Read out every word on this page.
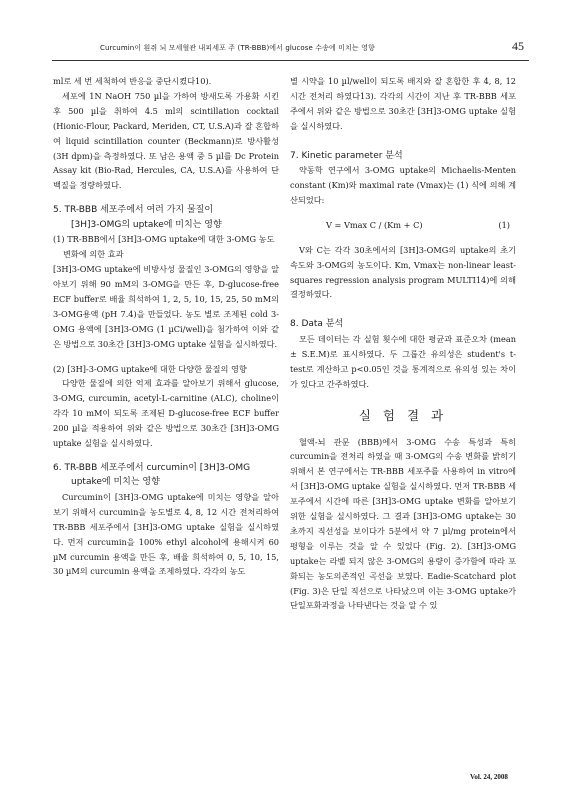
Curcumin이 흰쥐 뇌 모세혈관 내피세포 주 (TR-BBB)에서 glucose 수송에 미치는 영향	45

ml로 세 번 세척하여 반응을 중단시켰다10).

세포에 1N NaOH 750 µl을 가하여 방새도록 가용화 시킨 후 500 µl을 취하여 4.5 ml의 scintillation cocktail (Hionic-Flour, Packard, Meriden, CT, U.S.A)과 잘 혼합하여 liquid scintillation counter (Beckmann)로 방사활성 (3H dpm)을 측정하였다. 또 남은 용액 중 5 µl를 Dc Protein Assay kit (Bio-Rad, Hercules, CA, U.S.A)를 사용하여 단백질을 정량하였다.

5. TR-BBB 세포주에서 여러 가지 물질이
[3H]3-OMG의 uptake에 미치는 영향
(1) TR-BBB에서 [3H]3-OMG uptake에 대한 3-OMG 농도변화에 의한 효과

[3H]3-OMG uptake에 비방사성 물질인 3-OMG의 영향을 알아보기 위해 90 mM의 3-OMG을 만든 후, D-glucose-free ECF buffer로 배율 희석하여 1, 2, 5, 10, 15, 25, 50 mM의 3-OMG용액 (pH 7.4)을 만들었다. 농도 별로 조제된 cold 3-OMG 용액에 [3H]3-OMG (1 µCi/well)을 첨가하여 이와 같은 방법으로 30초간 [3H]3-OMG uptake 실험을 실시하였다.

(2) [3H]-3-OMG uptake에 대한 다양한 물질의 영향

다양한 물질에 의한 억제 효과를 알아보기 위해서 glucose, 3-OMG, curcumin, acetyl-L-carnitine (ALC), choline이 각각 10 mM이 되도록 조제된 D-glucose-free ECF buffer 200 µl을 적용하여 위와 같은 방법으로 30초간 [3H]3-OMG uptake 실험을 실시하였다.

6. TR-BBB 세포주에서 curcumin이 [3H]3-OMG
uptake에 미치는 영향

Curcumin이 [3H]3-OMG uptake에 미치는 영향을 알아보기 위해서 curcumin을 농도별로 4, 8, 12 시간 전처리하여 TR-BBB 세포주에서 [3H]3-OMG uptake 실험을 실시하였다. 먼저 curcumin을 100% ethyl alcohol에 용해시켜 60 µM curcumin 용액을 만든 후, 배율 희석하여 0, 5, 10, 15, 30 µM의 curcumin 용액을 조제하였다. 각각의 농도

별 시약을 10 µl/well이 되도록 배지와 잘 혼합한 후 4, 8, 12 시간 전처리 하였다13). 각각의 시간이 지난 후 TR-BBB 세포주에서 위와 같은 방법으로 30초간 [3H]3-OMG uptake 실험을 실시하였다.

7. Kinetic parameter 분석

약동학 연구에서 3-OMG uptake의 Michaelis-Menten constant (Km)와 maximal rate (Vmax)는 (1) 식에 의해 계산되었다:

V = Vmax C / (Km + C)	(1)

V와 C는 각각 30초에서의 [3H]3-OMG의 uptake의 초기 속도와 3-OMG의 농도이다. Km, Vmax는 non-linear least-squares regression analysis program MULTI14)에 의해 결정하였다.

8. Data 분석

모든 데이터는 각 실험 횟수에 대한 평균과 표준오차 (mean ± S.E.M)로 표시하였다. 두 그룹간 유의성은 student's t-test로 계산하고 p<0.05인 것을 통계적으로 유의성 있는 차이가 있다고 간주하였다.

실 험 결 과

혈액-뇌 관문 (BBB)에서 3-OMG 수송 특성과 특히 curcumin을 전처리 하였을 때 3-OMG의 수송 변화를 밝히기 위해서 본 연구에서는 TR-BBB 세포주를 사용하여 in vitro에서 [3H]3-OMG uptake 실험을 실시하였다. 먼저 TR-BBB 세포주에서 시간에 따른 [3H]3-OMG uptake 변화를 알아보기 위한 실험을 실시하였다. 그 결과 [3H]3-OMG uptake는 30 초까지 직선성을 보이다가 5분에서 약 7 µl/mg protein에서 평형을 이루는 것을 알 수 있었다 (Fig. 2). [3H]3-OMG uptake는 라벨 되지 않은 3-OMG의 용량이 증가함에 따라 포화되는 농도의존적인 곡선을 보였다. Eadie-Scatchard plot (Fig. 3)은 단일 직선으로 나타났으며 이는 3-OMG uptake가 단일포화과정을 나타낸다는 것을 알 수 있

Vol. 24, 2008
